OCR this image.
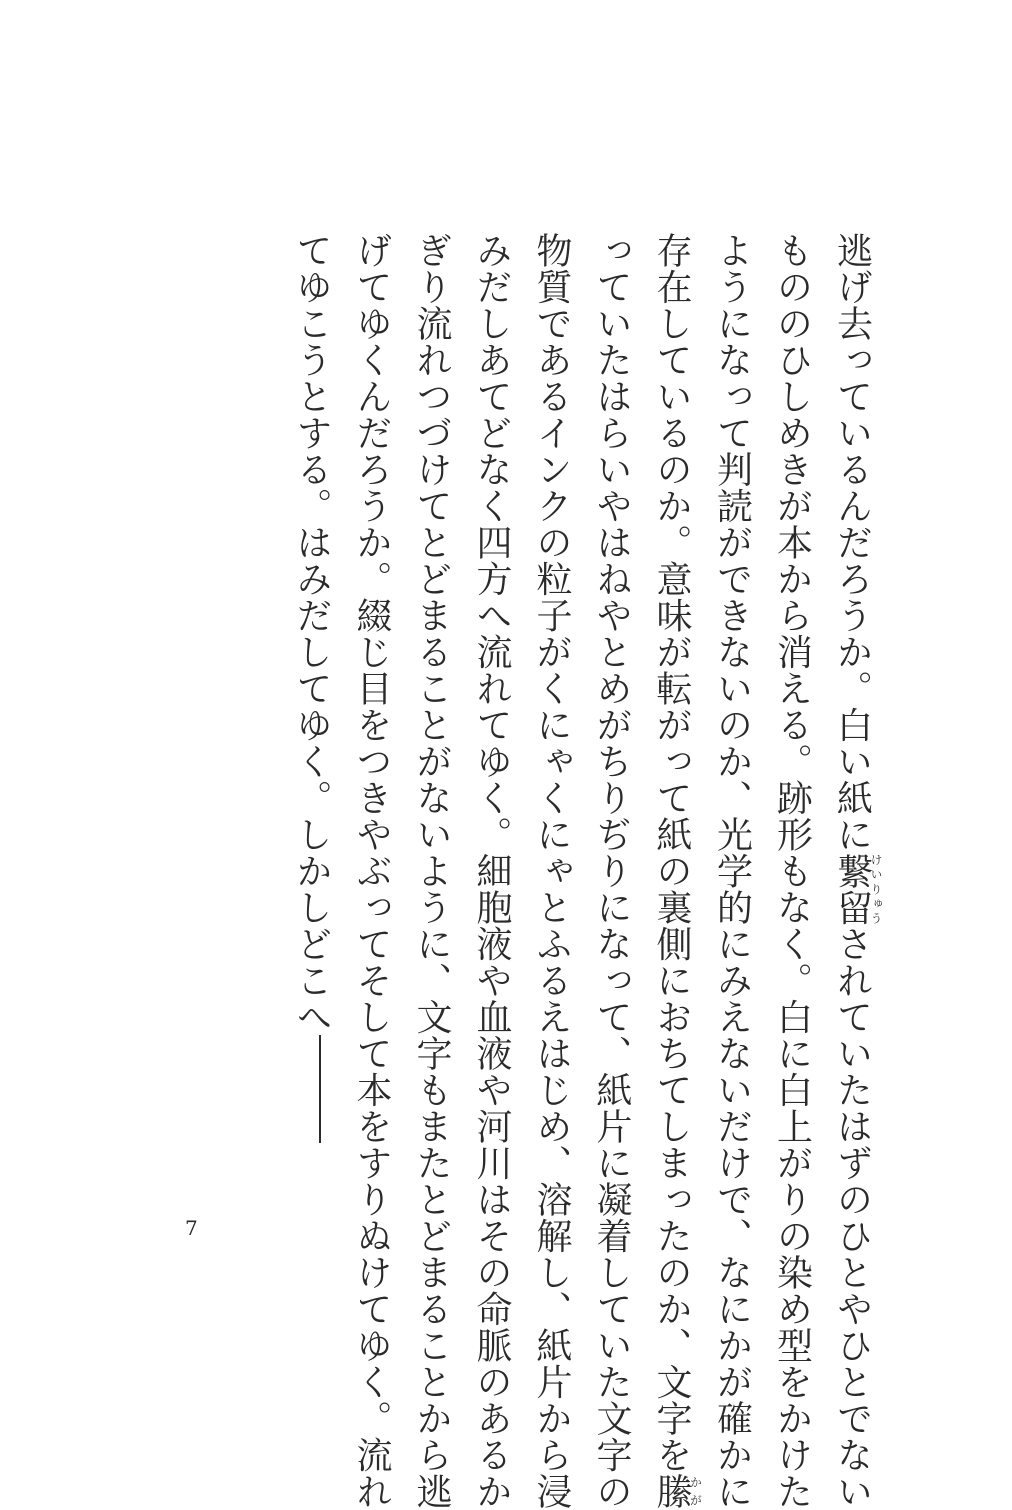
逃げ去っているんだろうか。白い紙に繋留けいりゅうされていたはずのひとやひとでない
もののひしめきが本から消える。跡形もなく。白に白上がりの染め型をかけた
ようになって判読ができないのか、光学的にみえないだけで、なにかが確かに
存在しているのか。意味が転がって紙の裏側におちてしまったのか、文字を縢かが
っていたはらいやはねやとめがちりぢりになって、紙片に凝着していた文字の
物質であるインクの粒子がくにゃくにゃとふるえはじめ、溶解し、紙片から浸
みだしあてどなく四方へ流れてゆく。細胞液や血液や河川はその命脈のあるか
ぎり流れつづけてとどまることがないように、文字もまたとどまることから逃
げてゆくんだろうか。綴じ目をつきやぶってそして本をすりぬけてゆく。流れ
てゆこうとする。はみだしてゆく。しかしどこへ
7
